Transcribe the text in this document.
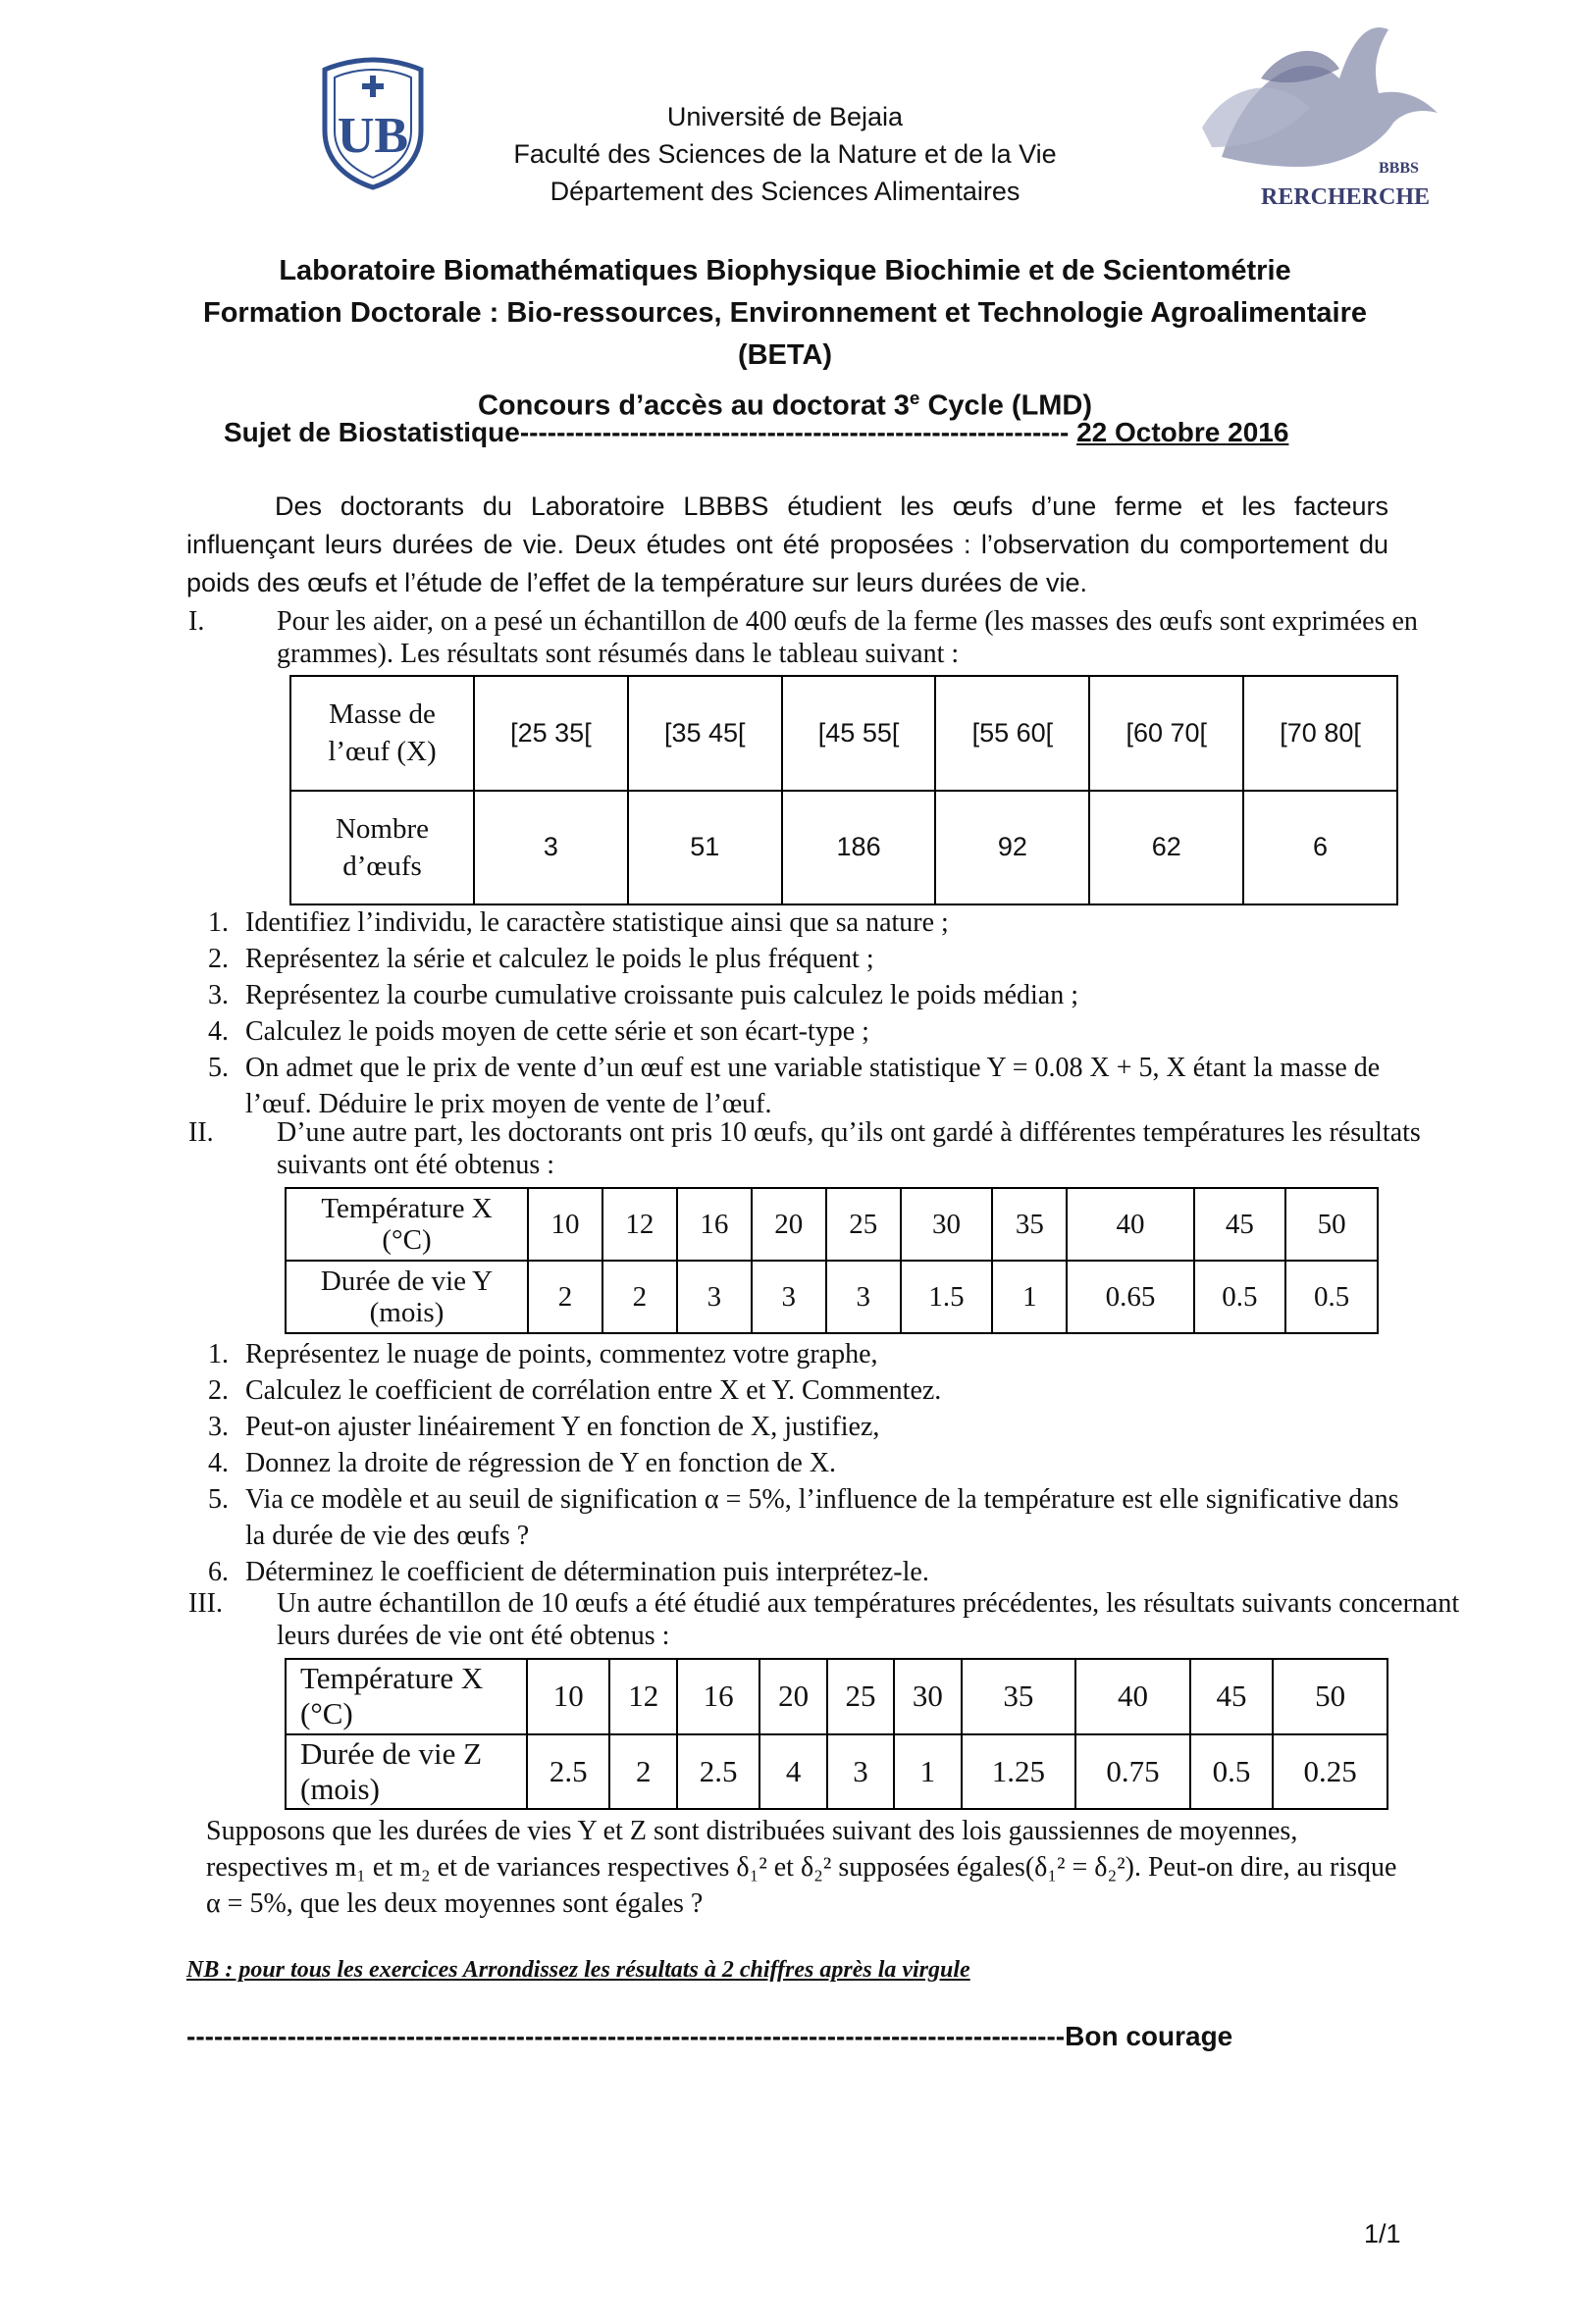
UB
BBBS
RERCHERCHE
Université de Bejaia
Faculté des Sciences de la Nature et de la Vie
Département des Sciences Alimentaires
Laboratoire Biomathématiques Biophysique Biochimie et de Scientométrie
Formation Doctorale : Bio-ressources, Environnement et Technologie Agroalimentaire
(BETA)
Concours d’accès au doctorat 3e Cycle (LMD)
Sujet de Biostatistique------------------------------------------------------------ 22 Octobre 2016
Des doctorants du Laboratoire LBBBS étudient les œufs d’une ferme et les facteurs influençant leurs durées de vie. Deux études ont été proposées : l’observation du comportement du poids des œufs et l’étude de l’effet de la température sur leurs durées de vie.
I.	Pour les aider, on a pesé un échantillon de 400 œufs de la ferme (les masses des œufs sont exprimées en grammes). Les résultats sont résumés dans le tableau suivant :
Masse de
l’œuf (X)	[25 35[	[35 45[	[45 55[	[55 60[	[60 70[	[70 80[

Nombre
d’œufs	3	51	186	92	62	6
1. Identifiez l’individu, le caractère statistique ainsi que sa nature ;
2. Représentez la série et calculez le poids le plus fréquent ;
3. Représentez la courbe cumulative croissante puis calculez le poids médian ;
4. Calculez le poids moyen de cette série et son écart-type ;
5. On admet que le prix de vente d’un œuf est une variable statistique Y = 0.08 X + 5, X étant la masse de l’œuf. Déduire le prix moyen de vente de l’œuf.
II. D’une autre part, les doctorants ont pris 10 œufs, qu’ils ont gardé à différentes températures les résultats suivants ont été obtenus :
Température X
(°C)	10	12	16	20	25	30	35	40	45	50

Durée de vie Y
(mois)	2	2	3	3	3	1.5	1	0.65	0.5	0.5
1. Représentez le nuage de points, commentez votre graphe,
2. Calculez le coefficient de corrélation entre X et Y. Commentez.
3. Peut-on ajuster linéairement Y en fonction de X, justifiez,
4. Donnez la droite de régression de Y en fonction de X.
5. Via ce modèle et au seuil de signification α = 5%, l’influence de la température est elle significative dans la durée de vie des œufs ?
6. Déterminez le coefficient de détermination puis interprétez-le.
III. Un autre échantillon de 10 œufs a été étudié aux températures précédentes, les résultats suivants concernant leurs durées de vie ont été obtenus :
Température X
(°C)	10	12	16	20	25	30	35	40	45	50

Durée de vie Z
(mois)	2.5	2	2.5	4	3	1	1.25	0.75	0.5	0.25
Supposons que les durées de vies Y et Z sont distribuées suivant des lois gaussiennes de moyennes, respectives m₁ et m₂ et de variances respectives δ₁² et δ₂² supposées égales(δ₁² = δ₂²). Peut-on dire, au risque α = 5%, que les deux moyennes sont égales ?
NB : pour tous les exercices Arrondissez les résultats à 2 chiffres après la virgule
------------------------------------------------------------------------------------------------Bon courage
1/1
